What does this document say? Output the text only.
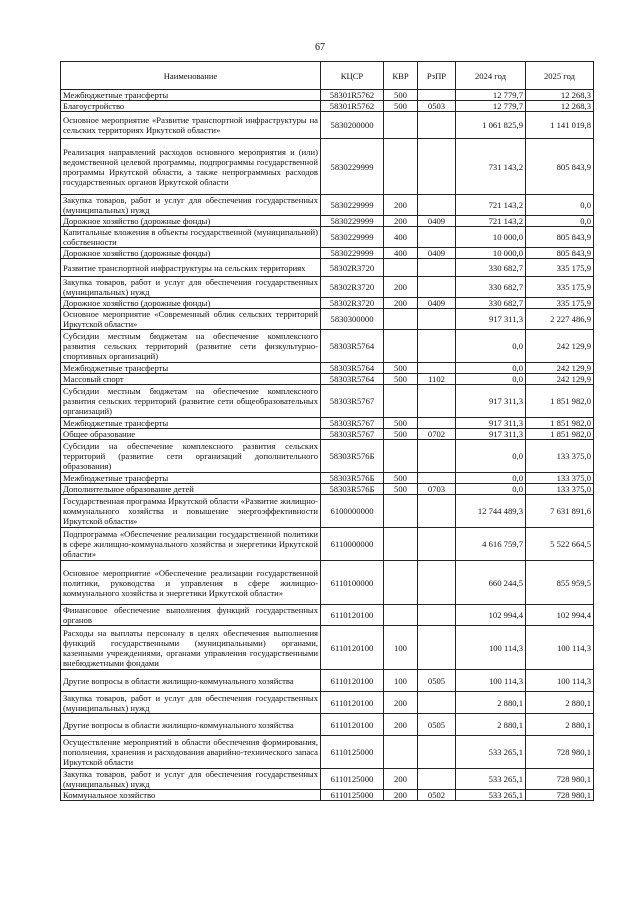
67
Наименование	КЦСР	КВР	РзПР	2024 год	2025 год
Межбюджетные трансферты	58301R5762	500		12 779,7	12 268,3
Благоустройство	58301R5762	500	0503	12 779,7	12 268,3
Основное мероприятие «Развитие транспортной инфраструктуры на сельских территориях Иркутской области»	5830200000			1 061 825,9	1 141 019,8
Реализация направлений расходов основного мероприятия и (или) ведомственной целевой программы, подпрограммы государственной программы Иркутской области, а также непрограммных расходов государственных органов Иркутской области	5830229999			731 143,2	805 843,9
Закупка товаров, работ и услуг для обеспечения государственных (муниципальных) нужд	5830229999	200		721 143,2	0,0
Дорожное хозяйство (дорожные фонды)	5830229999	200	0409	721 143,2	0,0
Капитальные вложения в объекты государственной (муниципальной) собственности	5830229999	400		10 000,0	805 843,9
Дорожное хозяйство (дорожные фонды)	5830229999	400	0409	10 000,0	805 843,9
Развитие транспортной инфраструктуры на сельских территориях	58302R3720			330 682,7	335 175,9
Закупка товаров, работ и услуг для обеспечения государственных (муниципальных) нужд	58302R3720	200		330 682,7	335 175,9
Дорожное хозяйство (дорожные фонды)	58302R3720	200	0409	330 682,7	335 175,9
Основное мероприятие «Современный облик сельских территорий Иркутской области»	5830300000			917 311,3	2 227 486,9
Субсидии местным бюджетам на обеспечение комплексного развития сельских территорий (развитие сети физкультурно-спортивных организаций)	58303R5764			0,0	242 129,9
Межбюджетные трансферты	58303R5764	500		0,0	242 129,9
Массовый спорт	58303R5764	500	1102	0,0	242 129,9
Субсидии местным бюджетам на обеспечение комплексного развития сельских территорий (развитие сети общеобразовательных организаций)	58303R5767			917 311,3	1 851 982,0
Межбюджетные трансферты	58303R5767	500		917 311,3	1 851 982,0
Общее образование	58303R5767	500	0702	917 311,3	1 851 982,0
Субсидии на обеспечение комплексного развития сельских территорий (развитие сети организаций дополнительного образования)	58303R576Б			0,0	133 375,0
Межбюджетные трансферты	58303R576Б	500		0,0	133 375,0
Дополнительное образование детей	58303R576Б	500	0703	0,0	133 375,0
Государственная программа Иркутской области «Развитие жилищно-коммунального хозяйства и повышение энергоэффективности Иркутской области»	6100000000			12 744 489,3	7 631 891,6
Подпрограмма «Обеспечение реализации государственной политики в сфере жилищно-коммунального хозяйства и энергетики Иркутской области»	6110000000			4 616 759,7	5 522 664,5
Основное мероприятие «Обеспечение реализации государственной политики, руководства и управления в сфере жилищно-коммунального хозяйства и энергетики Иркутской области»	6110100000			660 244,5	855 959,5
Финансовое обеспечение выполнения функций государственных органов	6110120100			102 994,4	102 994,4
Расходы на выплаты персоналу в целях обеспечения выполнения функций государственными (муниципальными) органами, казенными учреждениями, органами управления государственными внебюджетными фондами	6110120100	100		100 114,3	100 114,3
Другие вопросы в области жилищно-коммунального хозяйства	6110120100	100	0505	100 114,3	100 114,3
Закупка товаров, работ и услуг для обеспечения государственных (муниципальных) нужд	6110120100	200		2 880,1	2 880,1
Другие вопросы в области жилищно-коммунального хозяйства	6110120100	200	0505	2 880,1	2 880,1
Осуществление мероприятий в области обеспечения формирования, пополнения, хранения и расходования аварийно-технического запаса Иркутской области	6110125000			533 265,1	728 980,1
Закупка товаров, работ и услуг для обеспечения государственных (муниципальных) нужд	6110125000	200		533 265,1	728 980,1
Коммунальное хозяйство	6110125000	200	0502	533 265,1	728 980,1
